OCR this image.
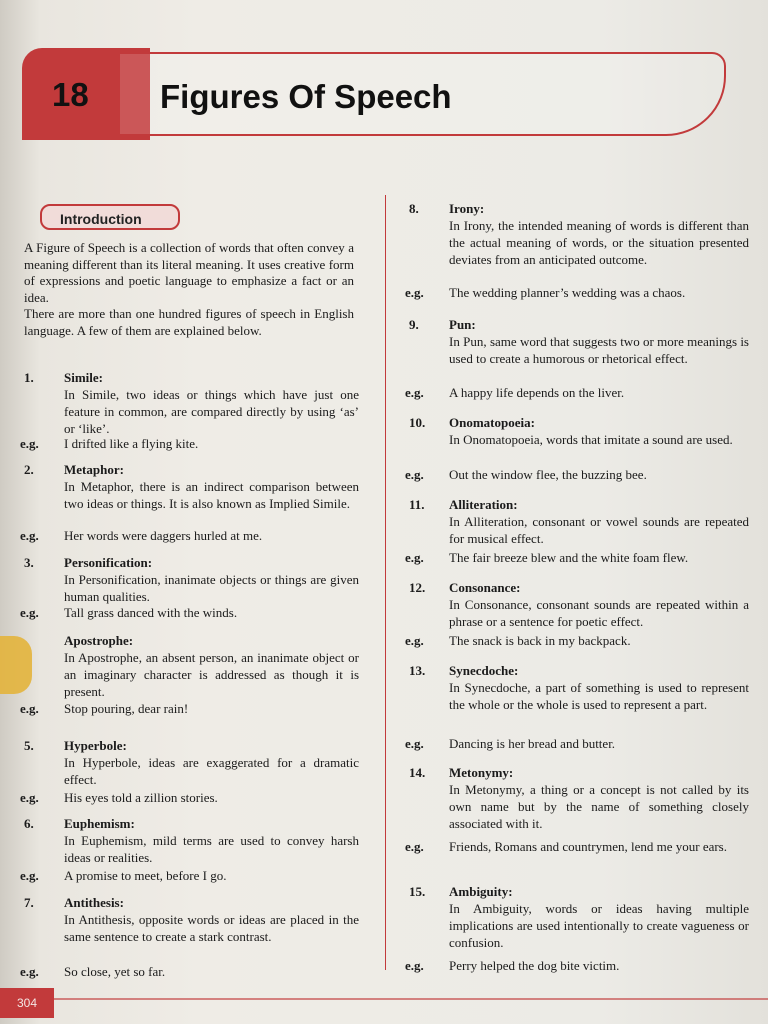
18 Figures Of Speech
Introduction

A Figure of Speech is a collection of words that often convey a meaning different than its literal meaning. It uses creative form of expressions and poetic language to emphasize a fact or an idea.

There are more than one hundred figures of speech in English language. A few of them are explained below.

1. Simile:
In Simile, two ideas or things which have just one feature in common, are compared directly by using ‘as’ or ‘like’.
e.g. I drifted like a flying kite.
2. Metaphor:
In Metaphor, there is an indirect comparison between two ideas or things. It is also known as Implied Simile.
e.g. Her words were daggers hurled at me.
3. Personification:
In Personification, inanimate objects or things are given human qualities.
e.g. Tall grass danced with the winds.
Apostrophe:
In Apostrophe, an absent person, an inanimate object or an imaginary character is addressed as though it is present.
e.g. Stop pouring, dear rain!
5. Hyperbole:
In Hyperbole, ideas are exaggerated for a dramatic effect.
e.g. His eyes told a zillion stories.
6. Euphemism:
In Euphemism, mild terms are used to convey harsh ideas or realities.
e.g. A promise to meet, before I go.
7. Antithesis:
In Antithesis, opposite words or ideas are placed in the same sentence to create a stark contrast.
e.g. So close, yet so far.
8. Irony:
In Irony, the intended meaning of words is different than the actual meaning of words, or the situation presented deviates from an anticipated outcome.
e.g. The wedding planner’s wedding was a chaos.
9. Pun:
In Pun, same word that suggests two or more meanings is used to create a humorous or rhetorical effect.
e.g. A happy life depends on the liver.
10. Onomatopoeia:
In Onomatopoeia, words that imitate a sound are used.
e.g. Out the window flee, the buzzing bee.
11. Alliteration:
In Alliteration, consonant or vowel sounds are repeated for musical effect.
e.g. The fair breeze blew and the white foam flew.
12. Consonance:
In Consonance, consonant sounds are repeated within a phrase or a sentence for poetic effect.
e.g. The snack is back in my backpack.
13. Synecdoche:
In Synecdoche, a part of something is used to represent the whole or the whole is used to represent a part.
e.g. Dancing is her bread and butter.
14. Metonymy:
In Metonymy, a thing or a concept is not called by its own name but by the name of something closely associated with it.
e.g. Friends, Romans and countrymen, lend me your ears.
15. Ambiguity:
In Ambiguity, words or ideas having multiple implications are used intentionally to create vagueness or confusion.
e.g. Perry helped the dog bite victim.
304
